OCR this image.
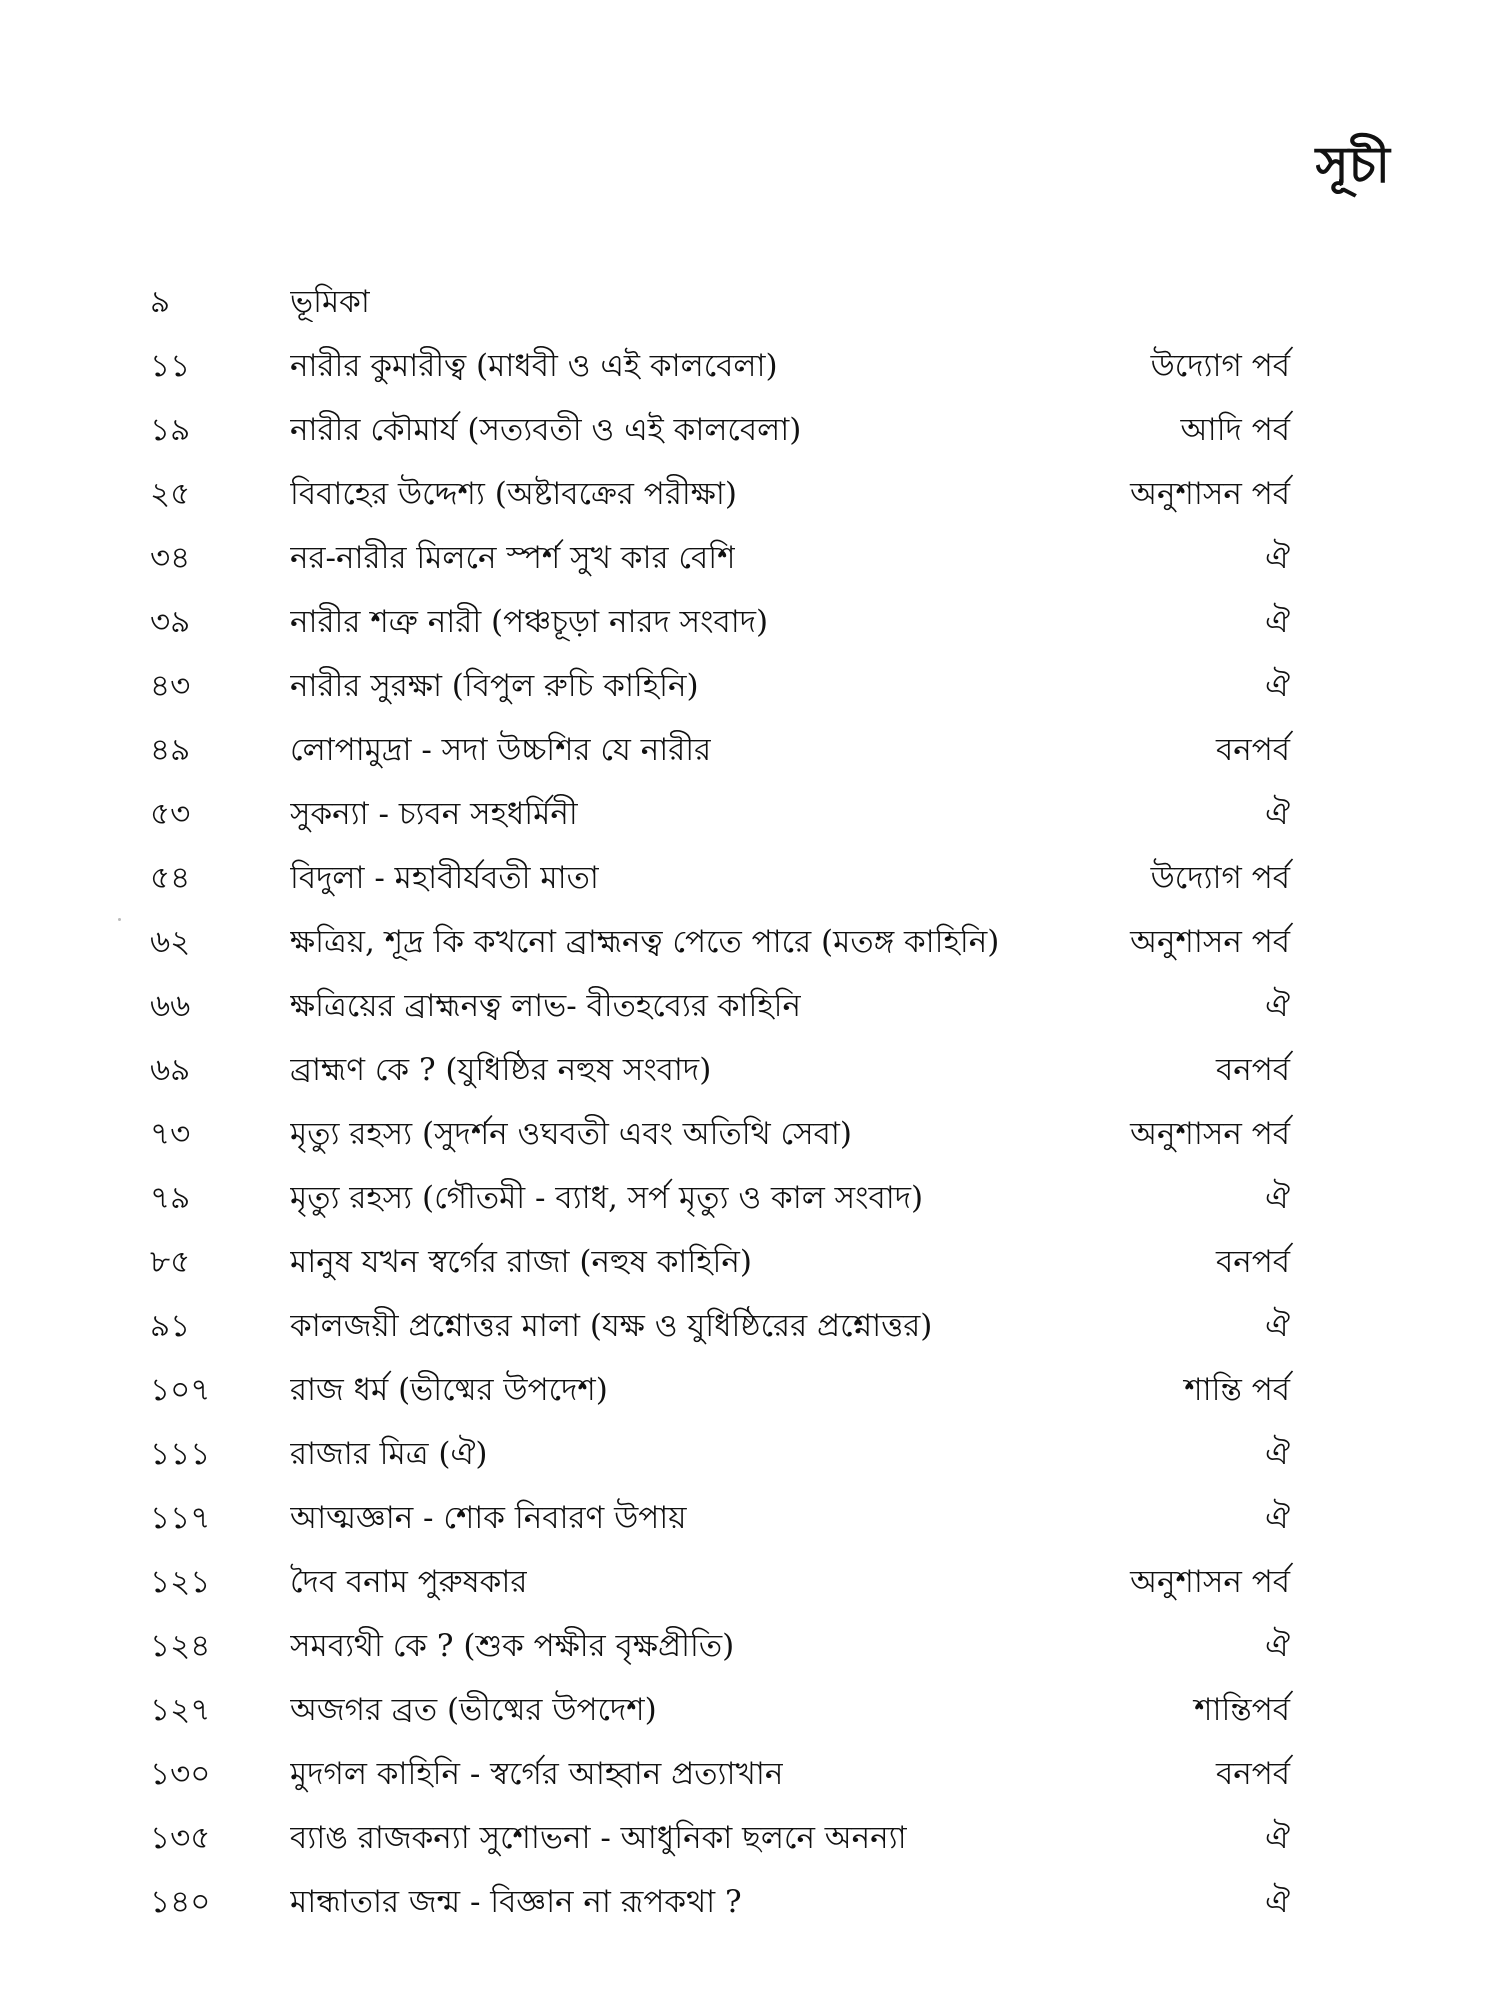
সূচী
৯	ভূমিকা
১১	নারীর কুমারীত্ব (মাধবী ও এই কালবেলা)	উদ্যোগ পর্ব
১৯	নারীর কৌমার্য (সত্যবতী ও এই কালবেলা)	আদি পর্ব
২৫	বিবাহের উদ্দেশ্য (অষ্টাবক্রের পরীক্ষা)	অনুশাসন পর্ব
৩৪	নর-নারীর মিলনে স্পর্শ সুখ কার বেশি	ঐ
৩৯	নারীর শত্রু নারী (পঞ্চচূড়া নারদ সংবাদ)	ঐ
৪৩	নারীর সুরক্ষা (বিপুল রুচি কাহিনি)	ঐ
৪৯	লোপামুদ্রা - সদা উচ্চশির যে নারীর	বনপর্ব
৫৩	সুকন্যা - চ্যবন সহধর্মিনী	ঐ
৫৪	বিদুলা - মহাবীর্যবতী মাতা	উদ্যোগ পর্ব
৬২	ক্ষত্রিয়, শূদ্র কি কখনো ব্রাহ্মনত্ব পেতে পারে (মতঙ্গ কাহিনি)	অনুশাসন পর্ব
৬৬	ক্ষত্রিয়ের ব্রাহ্মনত্ব লাভ- বীতহব্যের কাহিনি	ঐ
৬৯	ব্রাহ্মণ কে ? (যুধিষ্ঠির নহুষ সংবাদ)	বনপর্ব
৭৩	মৃত্যু রহস্য (সুদর্শন ওঘবতী এবং অতিথি সেবা)	অনুশাসন পর্ব
৭৯	মৃত্যু রহস্য (গৌতমী - ব্যাধ, সর্প মৃত্যু ও কাল সংবাদ)	ঐ
৮৫	মানুষ যখন স্বর্গের রাজা (নহুষ কাহিনি)	বনপর্ব
৯১	কালজয়ী প্রশ্নোত্তর মালা (যক্ষ ও যুধিষ্ঠিরের প্রশ্নোত্তর)	ঐ
১০৭	রাজ ধর্ম (ভীষ্মের উপদেশ)	শান্তি পর্ব
১১১	রাজার মিত্র (ঐ)	ঐ
১১৭	আত্মজ্ঞান - শোক নিবারণ উপায়	ঐ
১২১	দৈব বনাম পুরুষকার	অনুশাসন পর্ব
১২৪	সমব্যথী কে ? (শুক পক্ষীর বৃক্ষপ্রীতি)	ঐ
১২৭	অজগর ব্রত (ভীষ্মের উপদেশ)	শান্তিপর্ব
১৩০	মুদগল কাহিনি - স্বর্গের আহ্বান প্রত্যাখান	বনপর্ব
১৩৫	ব্যাঙ রাজকন্যা সুশোভনা - আধুনিকা ছলনে অনন্যা	ঐ
১৪০	মান্ধাতার জন্ম - বিজ্ঞান না রূপকথা ?	ঐ
